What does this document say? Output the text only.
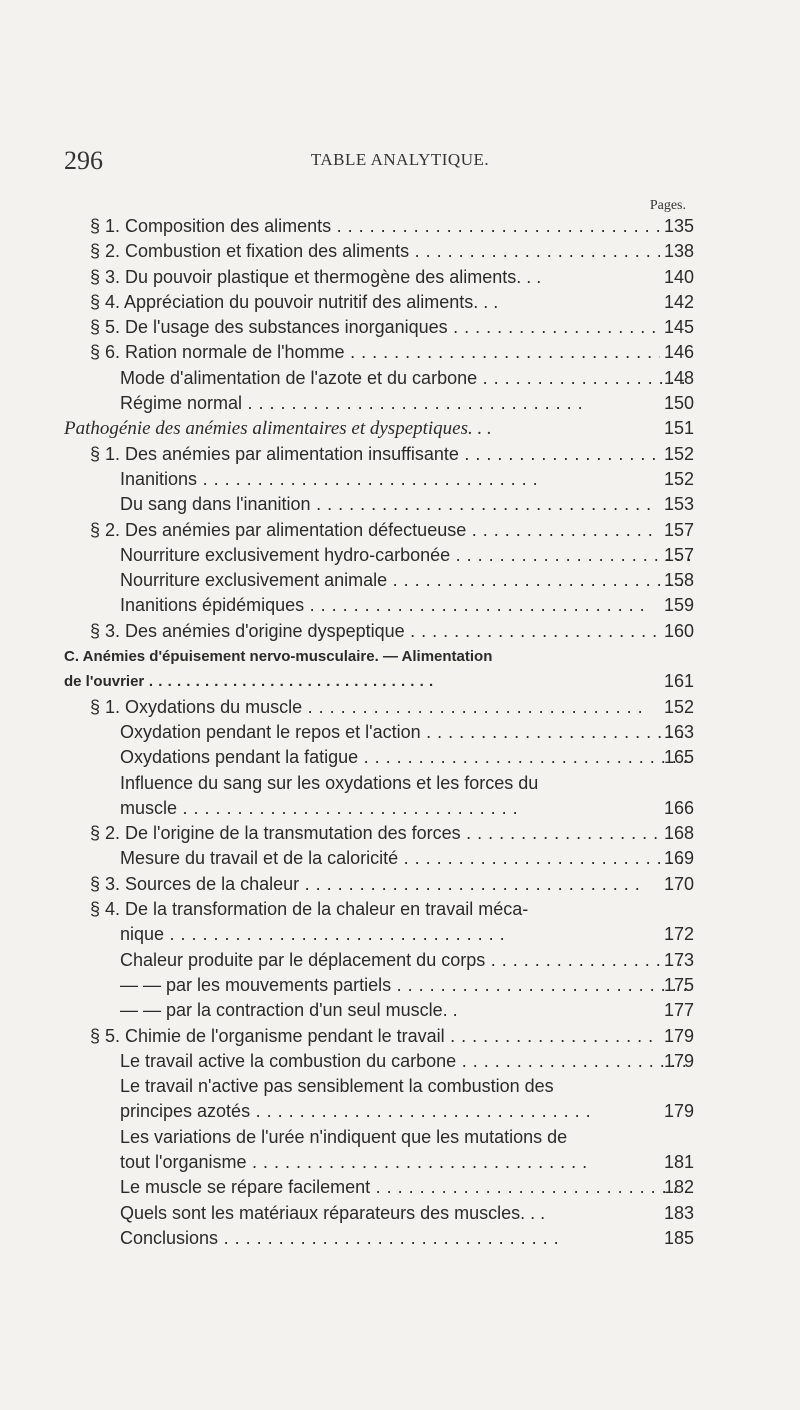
296	TABLE ANALYTIQUE.
Pages.
§ 1. Composition des aliments . . .	135
§ 2. Combustion et fixation des aliments . . .	138
§ 3. Du pouvoir plastique et thermogène des aliments. . .	140
§ 4. Appréciation du pouvoir nutritif des aliments. . .	142
§ 5. De l'usage des substances inorganiques . . .	145
§ 6. Ration normale de l'homme . . .	146
Mode d'alimentation de l'azote et du carbone . . .	148
Régime normal . . .	150
Pathogénie des anémies alimentaires et dyspeptiques. . .	151
§ 1. Des anémies par alimentation insuffisante . . .	152
Inanitions . . .	152
Du sang dans l'inanition . . .	153
§ 2. Des anémies par alimentation défectueuse . . .	157
Nourriture exclusivement hydro-carbonée . . .	157
Nourriture exclusivement animale . . .	158
Inanitions épidémiques . . .	159
§ 3. Des anémies d'origine dyspeptique . . .	160
C. Anémies d'épuisement nervo-musculaire. — Alimentation
de l'ouvrier . . .	161
§ 1. Oxydations du muscle . . .	152
Oxydation pendant le repos et l'action . . .	163
Oxydations pendant la fatigue . . .	165
Influence du sang sur les oxydations et les forces du
muscle . . .	166
§ 2. De l'origine de la transmutation des forces . . .	168
Mesure du travail et de la caloricité . . .	169
§ 3. Sources de la chaleur . . .	170
§ 4. De la transformation de la chaleur en travail méca-
nique . . .	172
Chaleur produite par le déplacement du corps . . .	173
— — par les mouvements partiels . . .	175
— — par la contraction d'un seul muscle. .	177
§ 5. Chimie de l'organisme pendant le travail . . .	179
Le travail active la combustion du carbone . . .	179
Le travail n'active pas sensiblement la combustion des
principes azotés . . .	179
Les variations de l'urée n'indiquent que les mutations de
tout l'organisme . . .	181
Le muscle se répare facilement . . .	182
Quels sont les matériaux réparateurs des muscles. . .	183
Conclusions . . .	185
